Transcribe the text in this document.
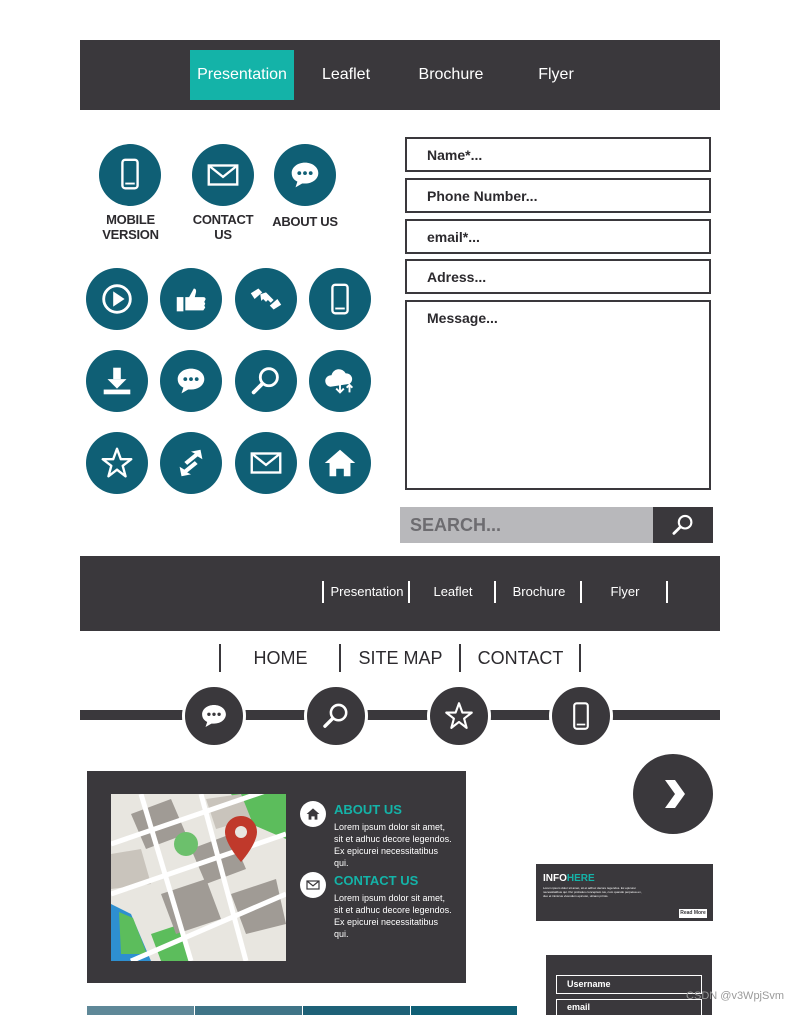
Presentation	Leaflet	Brochure	Flyer
MOBILE VERSION
CONTACT US
ABOUT US
Name*...
Phone Number...
email*...
Adress...
Message...
SEARCH...
Presentation	Leaflet	Brochure	Flyer
HOME	SITE MAP	CONTACT
ABOUT US
Lorem ipsum dolor sit amet, sit et adhuc decore legendos. Ex epicurei necessitatibus qui.
CONTACT US
Lorem ipsum dolor sit amet, sit et adhuc decore legendos. Ex epicurei necessitatibus qui.
INFOHERE
Lorem ipsum dolor sit amet, sit et adhuc decore legendos. Ex epicurei necessitatibus qui. Per probatus conceptam ius, cum quando perpetua ex, duo et inimicus vivendum epicurei, utinam primis.
Read More
Username
email
CSDN @v3WpjSvm
